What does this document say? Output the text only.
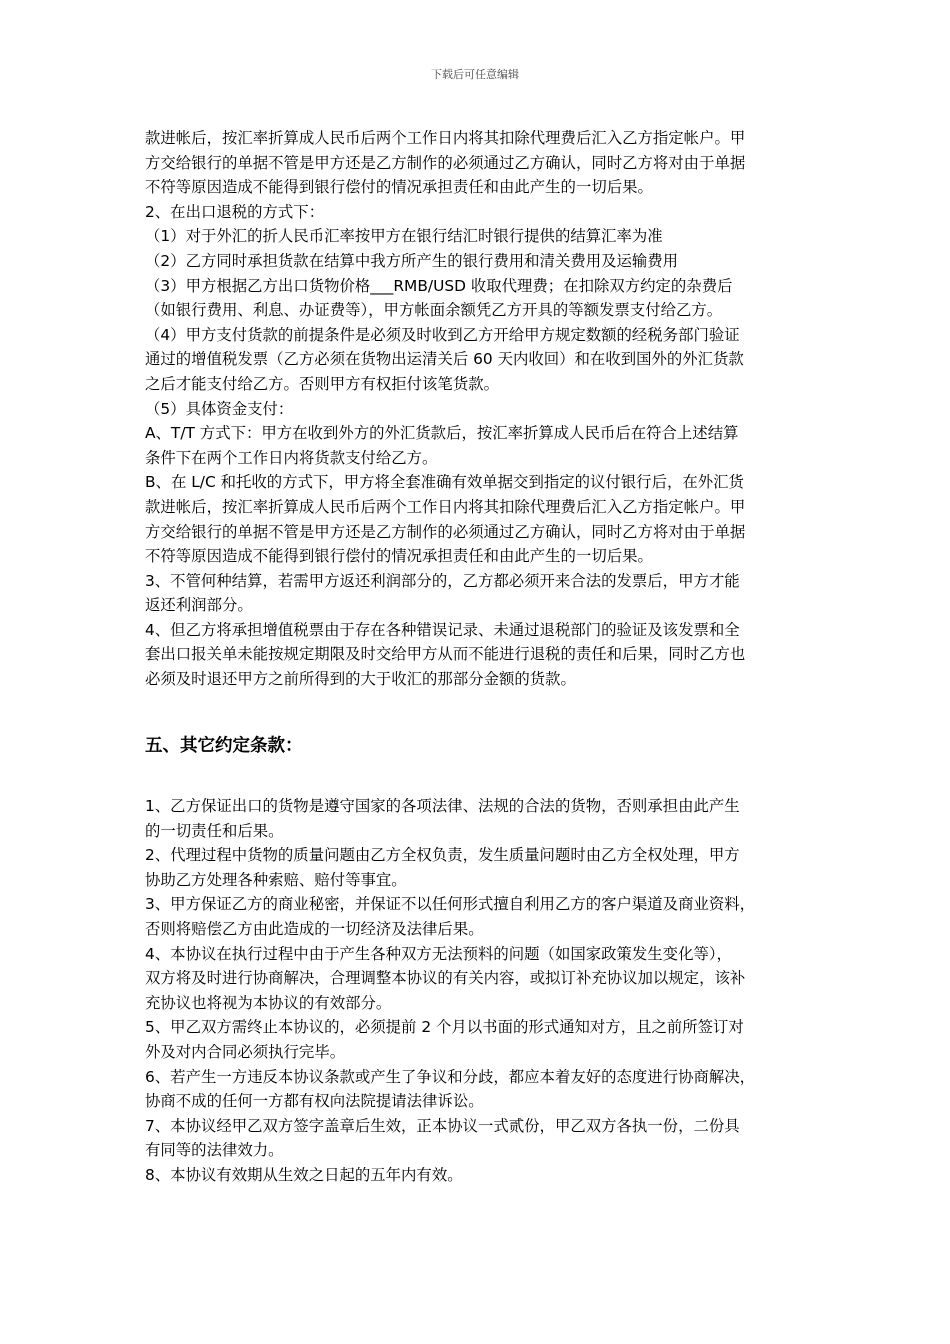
下载后可任意编辑
款进帐后，按汇率折算成人民币后两个工作日内将其扣除代理费后汇入乙方指定帐户。甲
方交给银行的单据不管是甲方还是乙方制作的必须通过乙方确认，同时乙方将对由于单据
不符等原因造成不能得到银行偿付的情况承担责任和由此产生的一切后果。
2、在出口退税的方式下：
（1）对于外汇的折人民币汇率按甲方在银行结汇时银行提供的结算汇率为准
（2）乙方同时承担货款在结算中我方所产生的银行费用和清关费用及运输费用
（3）甲方根据乙方出口货物价格___RMB/USD 收取代理费；在扣除双方约定的杂费后
（如银行费用、利息、办证费等），甲方帐面余额凭乙方开具的等额发票支付给乙方。
（4）甲方支付货款的前提条件是必须及时收到乙方开给甲方规定数额的经税务部门验证
通过的增值税发票（乙方必须在货物出运清关后 60 天内收回）和在收到国外的外汇货款
之后才能支付给乙方。否则甲方有权拒付该笔货款。
（5）具体资金支付：
A、T/T 方式下：甲方在收到外方的外汇货款后，按汇率折算成人民币后在符合上述结算
条件下在两个工作日内将货款支付给乙方。
B、在 L/C 和托收的方式下，甲方将全套准确有效单据交到指定的议付银行后，在外汇货
款进帐后，按汇率折算成人民币后两个工作日内将其扣除代理费后汇入乙方指定帐户。甲
方交给银行的单据不管是甲方还是乙方制作的必须通过乙方确认，同时乙方将对由于单据
不符等原因造成不能得到银行偿付的情况承担责任和由此产生的一切后果。
3、不管何种结算，若需甲方返还利润部分的，乙方都必须开来合法的发票后，甲方才能
返还利润部分。
4、但乙方将承担增值税票由于存在各种错误记录、未通过退税部门的验证及该发票和全
套出口报关单未能按规定期限及时交给甲方从而不能进行退税的责任和后果，同时乙方也
必须及时退还甲方之前所得到的大于收汇的那部分金额的货款。
五、其它约定条款：
1、乙方保证出口的货物是遵守国家的各项法律、法规的合法的货物，否则承担由此产生
的一切责任和后果。
2、代理过程中货物的质量问题由乙方全权负责，发生质量问题时由乙方全权处理，甲方
协助乙方处理各种索赔、赔付等事宜。
3、甲方保证乙方的商业秘密，并保证不以任何形式擅自利用乙方的客户渠道及商业资料，
否则将赔偿乙方由此造成的一切经济及法律后果。
4、本协议在执行过程中由于产生各种双方无法预料的问题（如国家政策发生变化等），
双方将及时进行协商解决，合理调整本协议的有关内容，或拟订补充协议加以规定，该补
充协议也将视为本协议的有效部分。
5、甲乙双方需终止本协议的，必须提前 2 个月以书面的形式通知对方，且之前所签订对
外及对内合同必须执行完毕。
6、若产生一方违反本协议条款或产生了争议和分歧，都应本着友好的态度进行协商解决，
协商不成的任何一方都有权向法院提请法律诉讼。
7、本协议经甲乙双方签字盖章后生效，正本协议一式贰份，甲乙双方各执一份，二份具
有同等的法律效力。
8、本协议有效期从生效之日起的五年内有效。
